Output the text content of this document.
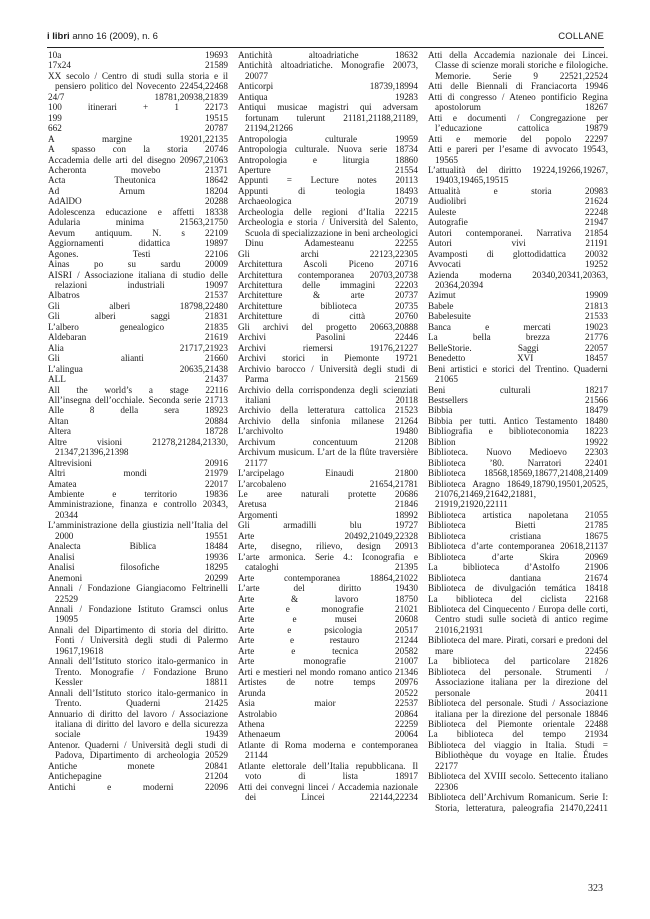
i libri anno 16 (2009), n. 6	COLLANE

10a 19693

17x24 21589

XX secolo / Centro di studi sulla storia e il pensiero politico del Novecento 22454,22468

24/7 18781,20938,21839

100 itinerari + 1 22173

199 19515

662 20787

A margine 19201,22135

A spasso con la storia 20746

Accademia delle arti del disegno 20967,21063

Acheronta movebo 21371

Acta Theutonica 18642

Ad Arnum 18204

AdAlDO 20288

Adolescenza educazione e affetti 18338

Adularia minima 21563,21750

Aevum antiquum. N. s 22109

Aggiornamenti didattica 19897

Agones. Testi 22106

Ainas po su sardu 20009

AISRI / Associazione italiana di studio delle relazioni industriali 19097

Albatros 21537

Gli alberi 18798,22480

Gli alberi saggi 21831

L’albero genealogico 21835

Aldebaran 21619

Alia 21717,21923

Gli alianti 21660

L’alingua 20635,21438

ALL 21437

All the world’s a stage 22116

All’insegna dell’occhiale. Seconda serie 21713

Alle 8 della sera 18923

Altan 20884

Altera 18728

Altre visioni 21278,21284,21330, 21347,21396,21398

Altrevisioni 20916

Altri mondi 21979

Amatea 22017

Ambiente e territorio 19836

Amministrazione, finanza e controllo 20343, 20344

L’amministrazione della giustizia nell’Italia del 2000 19551

Analecta Biblica 18484

Analisi 19936

Analisi filosofiche 18295

Anemoni 20299

Annali / Fondazione Giangiacomo Feltrinelli 22529

Annali / Fondazione Istituto Gramsci onlus 19095

Annali del Dipartimento di storia del diritto. Fonti / Università degli studi di Palermo 19617,19618

Annali dell’Istituto storico italo-germanico in Trento. Monografie / Fondazione Bruno Kessler 18811

Annali dell’Istituto storico italo-germanico in Trento. Quaderni 21425

Annuario di diritto del lavoro / Associazione italiana di diritto del lavoro e della sicurezza sociale 19439

Antenor. Quaderni / Università degli studi di Padova, Dipartimento di archeologia 20529

Antiche monete 20841

Antichepagine 21204

Antichi e moderni 22096

Antichità altoadriatiche 18632

Antichità altoadriatiche. Monografie 20073, 20077

Anticorpi 18739,18994

Antiqua 19283

Antiqui musicae magistri qui adversam fortunam tulerunt 21181,21188,21189, 21194,21266

Antropologia culturale 19959

Antropologia culturale. Nuova serie 18734

Antropologia e liturgia 18860

Aperture 21554

Appunti = Lecture notes 20113

Appunti di teologia 18493

Archaeologica 20719

Archeologia delle regioni d’Italia 22215

Archeologia e storia / Università del Salento, Scuola di specializzazione in beni archeologici Dinu Adamesteanu 22255

Gli archi 22123,22305

Architettura Ascoli Piceno 20716

Architettura contemporanea 20703,20738

Architettura delle immagini 22203

Architetture & arte 20737

Architetture biblioteca 20735

Architetture di città 20760

Gli archivi del progetto 20663,20888

Archivi Pasolini 22446

Archivi riemersi 19176,21227

Archivi storici in Piemonte 19721

Archivio barocco / Università degli studi di Parma 21569

Archivio della corrispondenza degli scienziati italiani 20118

Archivio della letteratura cattolica 21523

Archivio della sinfonia milanese 21264

L’archivolto 19480

Archivum concentuum 21208

Archivum musicum. L’art de la flûte traversière 21177

L’arcipelago Einaudi 21800

L’arcobaleno 21654,21781

Le aree naturali protette 20686

Aretusa 21846

Argomenti 18992

Gli armadilli blu 19727

Arte 20492,21049,22328

Arte, disegno, rilievo, design 20913

L’arte armonica. Serie 4.: Iconografia e cataloghi 21395

Arte contemporanea 18864,21022

L’arte del diritto 19430

Arte & lavoro 18750

Arte e monografie 21021

Arte e musei 20608

Arte e psicologia 20517

Arte e restauro 21244

Arte e tecnica 20582

Arte monografie 21007

Arti e mestieri nel mondo romano antico 21346

Artistes de notre temps 20976

Arunda 20522

Asia maior 22537

Astrolabio 20864

Athena 22259

Athenaeum 20064

Atlante di Roma moderna e contemporanea 21144

Atlante elettorale dell’Italia repubblicana. Il voto di lista 18917

Atti dei convegni lincei / Accademia nazionale dei Lincei 22144,22234

Atti della Accademia nazionale dei Lincei. Classe di scienze morali storiche e filologiche. Memorie. Serie 9 22521,22524

Atti delle Biennali di Franciacorta 19946

Atti di congresso / Ateneo pontificio Regina apostolorum 18267

Atti e documenti / Congregazione per l’educazione cattolica 19879

Atti e memorie del popolo 22297

Atti e pareri per l’esame di avvocato 19543, 19565

L’attualità del diritto 19224,19266,19267, 19403,19465,19515

Attualità e storia 20983

Audiolibri 21624

Auleste 22248

Autografie 21947

Autori contemporanei. Narrativa 21854

Autori vivi 21191

Avamposti di glottodidattica 20032

Avvocati 19252

Azienda moderna 20340,20341,20363, 20364,20394

Azimut 19909

Babele 21813

Babelesuite 21533

Banca e mercati 19023

La bella brezza 21776

BelleStorie. Saggi 22057

Benedetto XVI 18457

Beni artistici e storici del Trentino. Quaderni 21065

Beni culturali 18217

Bestsellers 21566

Bibbia 18479

Bibbia per tutti. Antico Testamento 18480

Bibliografia e biblioteconomia 18223

Biblion 19922

Biblioteca. Nuovo Medioevo 22303

Biblioteca ’80. Narratori 22401

Biblioteca 18568,18569,18677,21408,21409

Biblioteca Aragno 18649,18790,19501,20525, 21076,21469,21642,21881, 21919,21920,22111

Biblioteca artistica napoletana 21055

Biblioteca Bietti 21785

Biblioteca cristiana 18675

Biblioteca d’arte contemporanea 20618,21137

Biblioteca d’arte Skira 20969

La biblioteca d’Astolfo 21906

Biblioteca dantiana 21674

Biblioteca de divulgación temática 18418

La biblioteca del ciclista 22168

Biblioteca del Cinquecento / Europa delle corti, Centro studi sulle società di antico regime 21016,21931

Biblioteca del mare. Pirati, corsari e predoni del mare 22456

La biblioteca del particolare 21826

Biblioteca del personale. Strumenti / Associazione italiana per la direzione del personale 20411

Biblioteca del personale. Studi / Associazione italiana per la direzione del personale 18846

Biblioteca del Piemonte orientale 22488

La biblioteca del tempo 21934

Biblioteca del viaggio in Italia. Studi = Bibliothèque du voyage en Italie. Études 22177

Biblioteca del XVIII secolo. Settecento italiano 22306

Biblioteca dell’Archivum Romanicum. Serie I: Storia, letteratura, paleografia 21470,22411

323
